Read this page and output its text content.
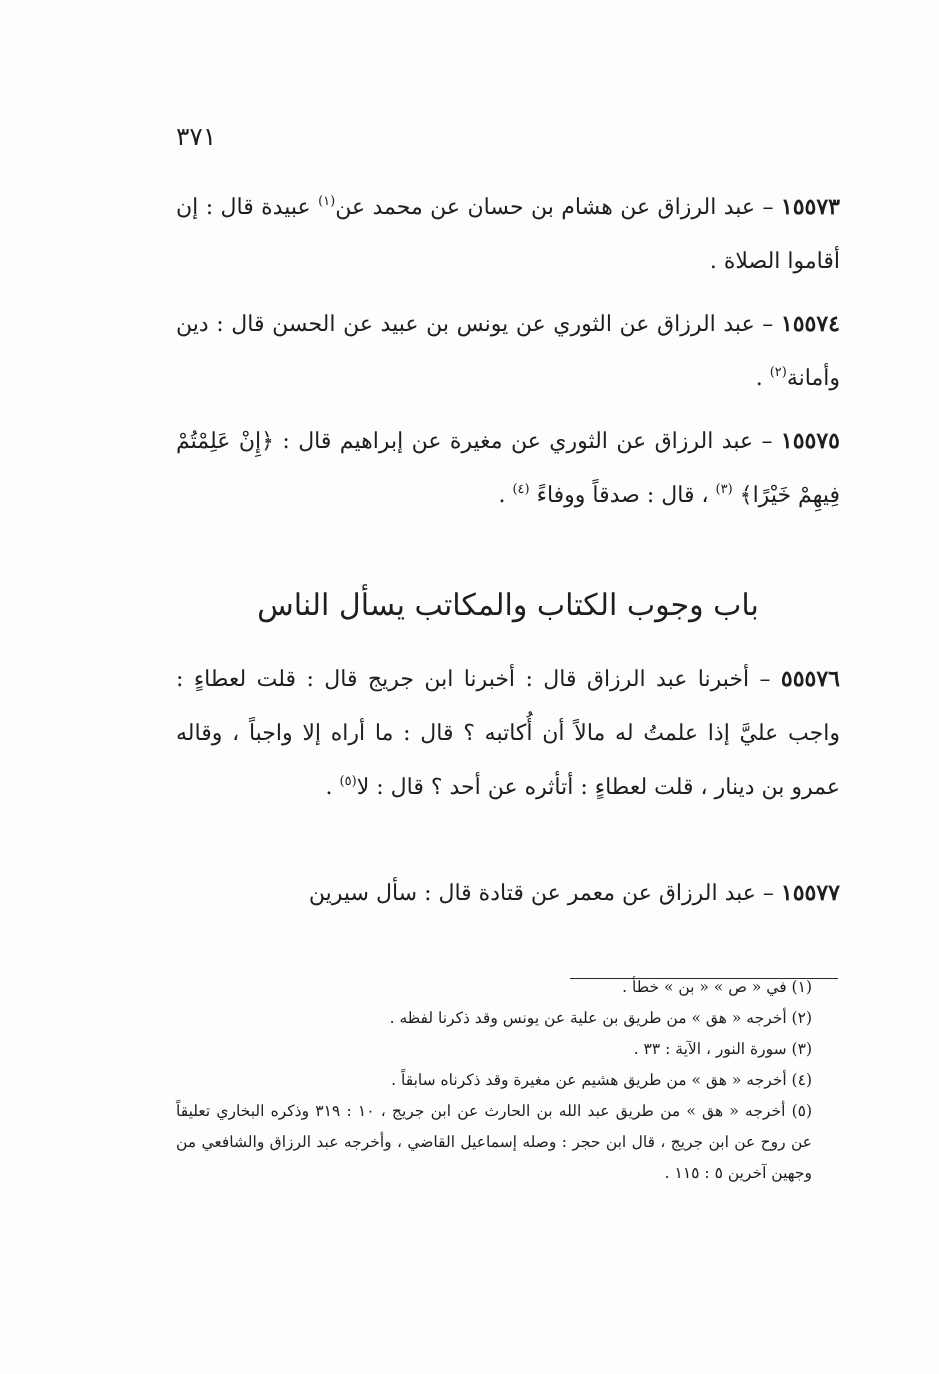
٣٧١

١٥٥٧٣ – عبد الرزاق عن هشام بن حسان عن محمد عن$^{(١)}$ عبيدة قال : إن أقاموا الصلاة .

١٥٥٧٤ – عبد الرزاق عن الثوري عن يونس بن عبيد عن الحسن قال : دين وأمانة$^{(٢)}$ .

١٥٥٧٥ – عبد الرزاق عن الثوري عن مغيرة عن إبراهيم قال : ﴿إِنْ عَلِمْتُمْ فِيهِمْ خَيْرًا﴾ $^{(٣)}$ ، قال : صدقاً ووفاءً $^{(٤)}$ .

باب وجوب الكتاب والمكاتب يسأل الناس

٥٥٥٧٦ – أخبرنا عبد الرزاق قال : أخبرنا ابن جريج قال : قلت لعطاءٍ : واجب عليَّ إذا علمتُ له مالاً أن أُكاتبه ؟ قال : ما أراه إلا واجباً ، وقاله عمرو بن دينار ، قلت لعطاءٍ : أتأثره عن أحد ؟ قال : لا$^{(٥)}$ .

١٥٥٧٧ – عبد الرزاق عن معمر عن قتادة قال : سأل سيرين

(١) في « ص » « بن » خطأ .

(٢) أخرجه « هق » من طريق بن علية عن يونس وقد ذكرنا لفظه .

(٣) سورة النور ، الآية : ٣٣ .

(٤) أخرجه « هق » من طريق هشيم عن مغيرة وقد ذكرناه سابقاً .

(٥) أخرجه « هق » من طريق عبد الله بن الحارث عن ابن جريج ، ١٠ : ٣١٩ وذكره البخاري تعليقاً عن روح عن ابن جريج ، قال ابن حجر : وصله إسماعيل القاضي ، وأخرجه عبد الرزاق والشافعي من وجهين آخرين ٥ : ١١٥ .
